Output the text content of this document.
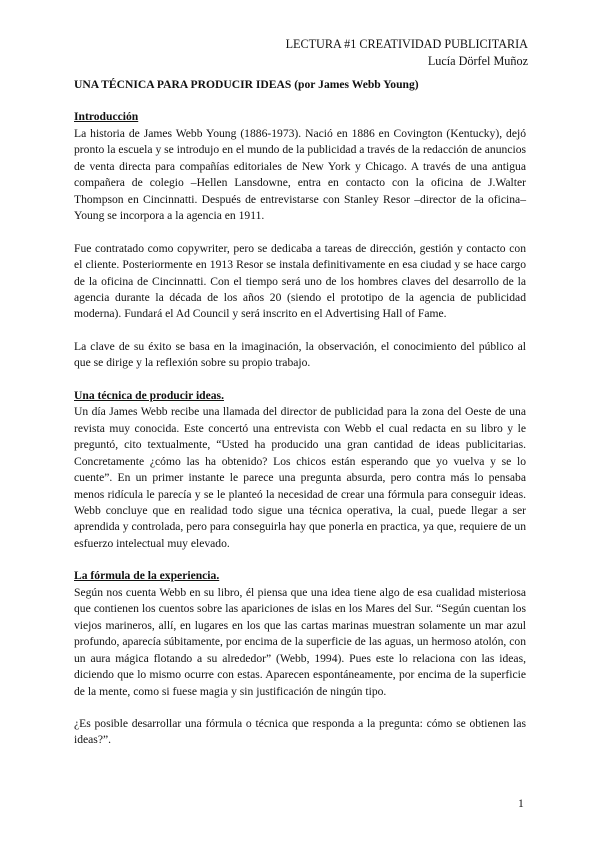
LECTURA #1 CREATIVIDAD PUBLICITARIA
Lucía Dörfel Muñoz
UNA TÉCNICA PARA PRODUCIR IDEAS (por James Webb Young)
Introducción

La historia de James Webb Young (1886-1973). Nació en 1886 en Covington (Kentucky), dejó pronto la escuela y se introdujo en el mundo de la publicidad a través de la redacción de anuncios de venta directa para compañías editoriales de New York y Chicago. A través de una antigua compañera de colegio –Hellen Lansdowne, entra en contacto con la oficina de J.Walter Thompson en Cincinnatti. Después de entrevistarse con Stanley Resor –director de la oficina– Young se incorpora a la agencia en 1911.

Fue contratado como copywriter, pero se dedicaba a tareas de dirección, gestión y contacto con el cliente. Posteriormente en 1913 Resor se instala definitivamente en esa ciudad y se hace cargo de la oficina de Cincinnatti. Con el tiempo será uno de los hombres claves del desarrollo de la agencia durante la década de los años 20 (siendo el prototipo de la agencia de publicidad moderna). Fundará el Ad Council y será inscrito en el Advertising Hall of Fame.

La clave de su éxito se basa en la imaginación, la observación, el conocimiento del público al que se dirige y la reflexión sobre su propio trabajo.

Una técnica de producir ideas.

Un día James Webb recibe una llamada del director de publicidad para la zona del Oeste de una revista muy conocida. Este concertó una entrevista con Webb el cual redacta en su libro y le preguntó, cito textualmente, “Usted ha producido una gran cantidad de ideas publicitarias. Concretamente ¿cómo las ha obtenido? Los chicos están esperando que yo vuelva y se lo cuente”. En un primer instante le parece una pregunta absurda, pero contra más lo pensaba menos ridícula le parecía y se le planteó la necesidad de crear una fórmula para conseguir ideas. Webb concluye que en realidad todo sigue una técnica operativa, la cual, puede llegar a ser aprendida y controlada, pero para conseguirla hay que ponerla en practica, ya que, requiere de un esfuerzo intelectual muy elevado.

La fórmula de la experiencia.

Según nos cuenta Webb en su libro, él piensa que una idea tiene algo de esa cualidad misteriosa que contienen los cuentos sobre las apariciones de islas en los Mares del Sur. “Según cuentan los viejos marineros, allí, en lugares en los que las cartas marinas muestran solamente un mar azul profundo, aparecía súbitamente, por encima de la superficie de las aguas, un hermoso atolón, con un aura mágica flotando a su alrededor” (Webb, 1994). Pues este lo relaciona con las ideas, diciendo que lo mismo ocurre con estas. Aparecen espontáneamente, por encima de la superficie de la mente, como si fuese magia y sin justificación de ningún tipo.

¿Es posible desarrollar una fórmula o técnica que responda a la pregunta: cómo se obtienen las ideas?”.

1
